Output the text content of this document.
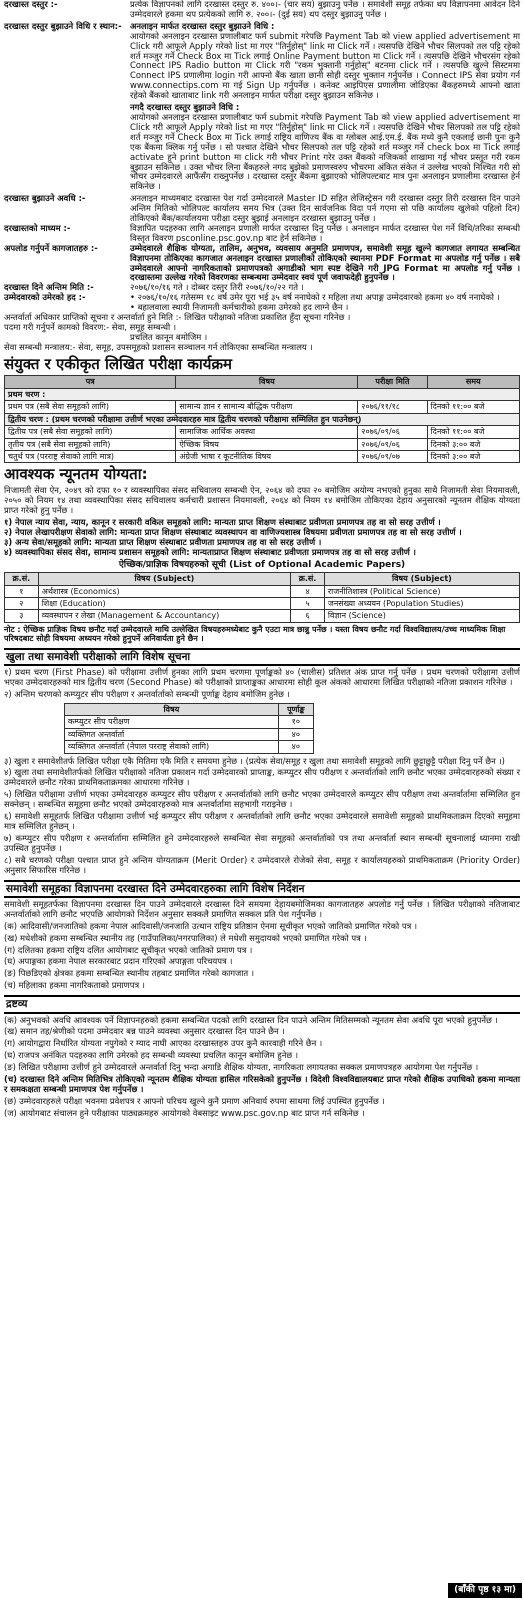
दरखास्त दस्तुर :-	प्रत्येक विज्ञापनको लागि दरखास्त दस्तुर रु. ४००।- (चार सय) बुझाउनु पर्नेछ । समावेशी समूह तर्फका थप विज्ञापनमा आवेदन दिने उम्मेदवारले हकमा थप प्रत्येकको लागि रु. २००।- (दुई सय) थप दस्तुर बुझाउनु पर्नेछ ।
दरखास्त दस्तुर बुझाउने विधि र स्थान:-	अनलाइन मार्फत दरखास्त दस्तुर बुझाउने विधि :

आयोगको अनलाइन दरखास्त प्रणालीबाट फर्म submit गरेपछि Payment Tab को view applied advertisement मा Click गरी आफूले Apply गरेको list मा गएर "तिर्नुहोस्" link मा Click गर्ने । त्यसपछि देखिने भौचर सिलपको तल पट्टि रहेको शर्त मञ्जुर गर्ने Check Box मा Tick लगाई Online Payment button मा Click गर्ने । त्यसपछि देखिने भौचरसंग रहेको Connect IPS Radio button मा Click गरी "रकम भुक्तानी गर्नुहोस्" बटनमा click गर्ने । त्यसपछि खुल्ने सिस्टममा Connect IPS प्रणालीमा login गरी आफ्नो बैंक खाता छानी सोही दस्तुर भुक्तान गर्नुपर्नेछ । Connect IPS सेवा प्रयोग गर्न www.connectips.com मा गई Sign Up गर्नुपर्नेछ । कनेक्ट आइपिएस प्रणालीमा जोडिएका बैंकहरुमध्ये आफ्नो खाता रहेको बैंकको खाताबाट link गरी अनलाइन मार्फत परीक्षा दस्तुर बुझाउन सकिनेछ ।

नगदै दरखास्त दस्तुर बुझाउने विधि :

आयोगको अनलाइन दरखास्त प्रणालीबाट फर्म submit गरेपछि Payment Tab को view applied advertisement मा Click गरी आफूले Apply गरेको list मा गएर "तिर्नुहोस्" link मा Click गर्ने । त्यसपछि देखिने भौचर सिलपको तल पट्टि रहेको शर्त मञ्जुर गर्ने Check Box मा Tick लगाई राष्ट्रिय वाणिज्य बैंक वा ग्लोबल आई.एम.ई. बैंक मध्ये कुनै एकलाई छानी पुनः कुनै एक बैंकमा क्लिक गर्नु पर्नेछ । सो पश्चात देखिने भौचर सिलपको तल पट्टि रहेको शर्त मञ्जुर गर्ने check box मा Tick लगाई activate हुने print button मा click गरी भौचर Print गरेर उक्त बैंकको नजिकको शाखामा गई भौचर प्रस्तुत गरी रकम बुझाउन सकिनेछ । उक्त भौचर लिना बैंकहरुले नगद बुझेको प्रमाणस्वरुप भौचरमा अंकित संकेत नं उल्लेख भएको निश्चित गरी सो भौचर उम्मेदवारले आफैंसँग राख्नुपर्नेछ । दरखास्त दस्तुर बैंकमा बुझाएको भोलिपल्टबाट मात्र पुनः अनलाइन प्रणालीमा दरखास्त हेर्न सकिनेछ ।

दरखास्त बुझाउने अवधि :-	अनलाइन माध्यमबाट दरखास्त पेश गर्दा उम्मेदवारले Master ID सहित लेजिस्ट्रेसन गरी दरखास्त दस्तुर तिरी दरखास्त दिन पाउने अन्तिम मितिको भोलिपल्ट कार्यालय समय भित्र (उक्त दिन सार्वजनिक विदा पर्न गएमा सो पछि कार्यालय खुलेको पहिलो दिन) तोकिएको बैंक/कार्यालयमा परीक्षा दस्तुर बुझाई अनलाइन दरखास्त बुझाउनु पर्नेछ ।
दरखास्तको माध्यम :-	विज्ञापित पदहरुका लागि अनलाइन प्रणाली मार्फत दरखास्त दिनु पर्नेछ । अनलाइन मार्फत दरखास्त पेश गर्ने विधि/तरिका सम्बन्धी विस्तृत विवरण psconline.psc.gov.np बाट हेर्न सकिनेछ ।
अपलोड गर्नुपर्ने कागजातहरु :-	उम्मेदवारले शैक्षिक योग्यता, तालिम, अनुभव, व्यवसाय अनुमति प्रमाणपत्र, समावेशी समूह खुल्ने कागजात लगायत सम्बन्धित विज्ञापनमा तोकिएका कागजात अनलाइन दरखास्त प्रणालीको तोकिएको स्थानमा PDF Format मा अपलोड गर्नु पर्नेछ । सबै उम्मेदवारले आफ्नो नागरिकताको प्रमाणपत्रको अगाडीको भाग स्पष्ट देखिने गरी JPG Format मा अपलोड गर्नु पर्नेछ । दरखास्तमा उल्लेख गरेको विवरणका सम्बन्धमा उम्मेदवार स्वयं पूर्ण जवाफदेही हुनुपर्नेछ ।
दरखास्त दिने अन्तिम मिति :-	२०७६/१०/१६ गते । दोब्बर दस्तुर तिरी २०७६/१०/२२ गते ।
उम्मेदवारको उमेरको हद :-	• २०७६/१०/१६ गतेसम्म १८ वर्ष उमेर पूरा भई ३५ वर्ष ननाघेको र महिला तथा अपाङ्ग उम्मेदवारको हकमा ४० वर्ष ननाघेको ।
• बहालवाला स्थायी निजामती कर्मचारीको हकमा उमेरको हद लाग्ने छैन ।
अन्तर्वार्ता अधिकार प्राप्तिको सूचना र अन्तर्वार्ता हुने मिति :- लिखित परीक्षाको नतिजा प्रकाशित हुँदा सूचना गरिनेछ ।
पदमा गरी गर्नुपर्ने कामको विवरण:- सेवा, समूह सम्बन्धी ।
प्रचलित कानून बमोजिम ।
सेवा सम्बन्धी मन्त्रालय:- सेवा, समूह, उपसमूहको प्रशासन सञ्चालन गर्न तोकिएका सम्बन्धित मन्त्रालय ।
संयुक्त र एकीकृत लिखित परीक्षा कार्यक्रम
पत्र	विषय	परीक्षा मिति	समय
प्रथम चरण :			
प्रथम पत्र (सबै सेवा समूहको लागि)	सामान्य ज्ञान र सामान्य बौद्धिक परीक्षण	२०७६/११/१८	दिनको ११:०० बजे
द्वितीय चरण : (प्रथम चरणको परीक्षामा उत्तीर्ण भएका उम्मेदवारहरु मात्र द्वितीय चरणको परीक्षामा सम्मिलित हुन पाउनेछन्)			
द्वितीय पत्र (सबै सेवा समूहको लागि)	सामाजिक आर्थिक अवस्था	२०७६/०९/०६	दिनको ११:०० बजे
तृतीय पत्र (सबै सेवा समूहको लागि)	ऐच्छिक विषय	२०७६/०९/०६	दिनको ३:०० बजे
चतुर्थ पत्र (परराष्ट्र सेवाको लागि मात्र)	अंग्रेजी भाषा र कूटनीतिक विषय	२०७६/०९/०७	दिनको ३:०० बजे
आवश्यक न्यूनतम योग्यता:

निजामती सेवा ऐन, २०४९ को दफा १० र व्यवस्थापिका संसद सचिवालय सम्बन्धी ऐन, २०६४ को दफा २० बमोजिम अयोग्य नभएको हुनुका साथै निजामती सेवा नियमावली, २०५० को नियम १४ तथा व्यवस्थापिका संसद सचिवालय कर्मचारी प्रशासन नियमावली, २०६४ को नियम १४ बमोजिम तोकिएका देहाय अनुसारको न्यूनतम शैक्षिक योग्यता प्राप्त गरेको हुनु पर्नेछ ।

१) नेपाल न्याय सेवा, न्याय, कानून र सरकारी वकिल समूहको लागि: मान्यता प्राप्त शिक्षण संस्थाबाट प्रवीणता प्रमाणपत्र तह वा सो सरह उत्तीर्ण ।
२) नेपाल लेखापरीक्षण सेवाको लागि: मान्यता प्राप्त शिक्षण संस्थाबाट व्यवस्थापन वा वाणिज्यशास्त्र विषयमा प्रवीणता प्रमाणपत्र तह वा सो सरह उत्तीर्ण ।
३) अन्य सेवा/समूहको लागि: मान्यता प्राप्त शिक्षण संस्थाबाट प्रवीणता प्रमाणपत्र तह वा सो सरह उत्तीर्ण ।
४) व्यवस्थापिका संसद सेवा, सामान्य प्रशासन समूहको लागि: मान्यताप्राप्त शिक्षण संस्थाबाट प्रवीणता प्रमाणपत्र तह वा सो सरह उत्तीर्ण ।
ऐच्छिक/प्राज्ञिक विषयहरुको सूची (List of Optional Academic Papers)
क्र.सं.	विषय (Subject)	क्र.सं.	विषय (Subject)
१	अर्थशास्त्र (Economics)	४	राजनीतिशास्त्र (Political Science)
२	शिक्षा (Education)	५	जनसंख्या अध्ययन (Population Studies)
३	व्यवस्थापन र लेखा (Management & Accountancy)	६	विज्ञान (Science)
नोट : ऐच्छिक प्राज्ञिक विषय छनौट गर्दा उम्मेदवारले माथि उल्लेखित विषयहरुमध्येबाट कुनै एउटा मात्र छान्नु पर्नेछ । यस्ता विषय छनौट गर्दा विश्वविद्यालय/उच्च माध्यमिक शिक्षा परिषदबाट सोही विषयमा अध्ययन गरेको हुनुपर्ने अनिवार्यता हुने छैन ।
खुला तथा समावेशी परीक्षाको लागि विशेष सूचना

१) प्रथम चरण (First Phase) को परीक्षामा उत्तीर्ण हुनका लागि प्रथम चरणमा पूर्णाङ्कको ४० (चालीस) प्रतिशत अंक प्राप्त गर्नु पर्नेछ । प्रथम चरणको परीक्षामा उत्तीर्ण भएका उम्मेदवारहरुको मात्र द्वितीय चरण (Second Phase) को परीक्षाको प्राप्ताङ्कका आधारमा सोही कूल अंकको आधारमा लिखित परीक्षाको नतिजा प्रकाशन गरिनेछ ।

२) अन्तिम चरणको कम्प्युटर सीप परीक्षण र अन्तर्वार्ताको सम्बन्धी पूर्णाङ्क देहाय बमोजिम हुनेछ ।

विषय	पूर्णाङ्क
कम्प्युटर सीप परीक्षण	१०
व्यक्तिगत अन्तर्वार्ता	४०
व्यक्तिगत अन्तर्वार्ता (नेपाल परराष्ट्र सेवाको लागि)	४०

३) खुला र समावेशीतर्फ लिखित परीक्षा एकै मितिमा एकै मिति र समयमा हुनेछ । (प्रत्येक सेवा/समूह र खुला तथा समावेशी समूहको लागि छुट्टाछुट्टै परीक्षा दिनु पर्ने छैन ।)

४) खुला तथा समावेशीतर्फको लिखित परीक्षाको नतिजा प्रकाशन गर्दा उम्मेदवारको प्राप्ताङ्क, कम्प्युटर सीप परीक्षण र अन्तर्वार्ताको लागि छनौट भएका उम्मेदवारहरुको संख्या र उम्मेदवारले छनौट गरेका प्राथमिकताक्रमका आधारमा गरिनेछ ।

५) लिखित परीक्षामा उत्तीर्ण भएका उम्मेदवारहरु कम्प्युटर सीप परीक्षण र अन्तर्वार्ताको लागि छनौट भएका उम्मेदवारले कम्प्युटर सीप परीक्षण तथा अन्तर्वार्तामा सम्मिलित हुन सक्नेछन् । सम्बन्धित समूहमा छनौट भएको उम्मेदवारहरुको मात्र अन्तर्वार्तामा सहभागी गराइनेछ ।

६) समावेशी समूहतर्फ लिखित परीक्षामा उत्तीर्ण भई कम्प्युटर सीप परीक्षण र अन्तर्वार्ताको लागि छनौट भएका उम्मेदवारले समावेशी समूहको प्राथमिकताक्रम दिएको समूहमा मात्र सम्मिलित हुनेछन् ।

७) कम्प्युटर सीप परीक्षण र अन्तर्वार्तामा सम्मिलित हुने उम्मेदवारहरुले सम्बन्धित सेवा समूहको अन्तर्वार्ताको पत्र तथा अन्तर्वार्ता स्थान सम्बन्धी सूचनालाई ध्यानमा राखी उपस्थित हुनुपर्नेछ ।

८) सबै चरणको परीक्षा पश्चात प्राप्त हुने अन्तिम योग्यताक्रम (Merit Order) र उम्मेदवारले रोजेको सेवा, समूह र कार्यालयहरुको प्राथमिकताक्रम (Priority Order) अनुसार सिफारिस गरिनेछ ।

समावेशी समूहका विज्ञापनमा दरखास्त दिने उम्मेदवारहरुका लागि विशेष निर्देशन

समावेशी समूहतर्फका विज्ञापनमा दरखास्त दिन पाउने उम्मेदवारले दरखास्त दिने समयमा देहायबमोजिमका कागजातहरु अपलोड गर्नु पर्नेछ । लिखित परीक्षाको नतिजाबाट अन्तर्वार्ताको लागि छनौट भएपछि आयोगको निर्देशन अनुसार सक्कलै प्रमाणित सक्कल प्रति पेश गर्नुपर्नेछ ।

(क) आदिवासी/जनजातिको हकमा नेपाल आदिवासी/जनजाति उत्थान राष्ट्रिय प्रतिष्ठान ऐनमा सूचीकृत भएको जातिको प्रमाणित गरेको पत्र ।

(ख) मधेशीको हकमा सम्बन्धित स्थानीय तह (गाउँपालिका/नगरपालिका) ले मधेशी समुदायको भएको प्रमाणित गरेको पत्र ।

(ग) दलितका हकमा राष्ट्रिय दलित आयोगबाट सूचीकृत भएको जातिको प्रमाण पत्र ।

(घ) अपाङ्गका हकमा नेपाल सरकारबाट प्रदान गरिएको अपाङ्गता परिचयपत्र ।

(ङ) पिछडिएको क्षेत्रका हकमा सम्बन्धित स्थानीय तहबाट प्रमाणित गरेको कागजात ।

(च) महिलाका हकमा नागरिकताको प्रमाणपत्र ।

द्रष्टव्य

(क) अनुभवको अवधि आवश्यक पर्ने विज्ञापनहरुको हकमा सम्बन्धित पदको लागि दरखास्त दिन पाउने अन्तिम मितिसम्मको न्यूनतम सेवा अवधि पूरा भएको हुनुपर्नेछ ।

(ख) समान तह/श्रेणीको पदमा उम्मेदवार बन्न पाउने व्यवस्था अनुसार दरखास्त दिन पाउने छैन ।

(ग) आयोगद्वारा निर्धारित योग्यता नपुगेको र म्याद नाघी आएका दरखास्तहरु उपर कुनै कारवाही गरिने छैन ।

(घ) राजपत्र अनंकित पदहरुका लागि उमेरको हद सम्बन्धी व्यवस्था प्रचलित कानून बमोजिम हुनेछ ।

(ङ) लिखित परीक्षामा उत्तीर्ण हुने उम्मेदवारले अन्तर्वार्ता दिनु भन्दा अगाडि शैक्षिक योग्यता, नागरिकता लगायतका सक्कल प्रमाणपत्रहरु आयोगमा पेश गर्नुपर्नेछ ।

(च) दरखास्त दिने अन्तिम मितिभित्र तोकिएको न्यूनतम शैक्षिक योग्यता हासिल गरिसकेको हुनुपर्नेछ । विदेशी विश्वविद्यालयबाट प्राप्त गरेको शैक्षिक उपाधिको हकमा मान्यता र समकक्षता सम्बन्धी प्रमाणपत्र पेश गर्नुपर्नेछ ।

(छ) उम्मेदवारहरुले परीक्षा भवनमा प्रवेशपत्र र आफ्नो परिचय खुल्ने कुनै प्रमाण अनिवार्य रुपमा साथमा लिई उपस्थित हुनुपर्नेछ ।

(ज) आयोगबाट संचालन हुने परीक्षाका पाठ्यक्रमहरु आयोगको वेबसाइट www.psc.gov.np बाट प्राप्त गर्न सकिनेछ ।

(बाँकी पृष्ठ १३ मा)
